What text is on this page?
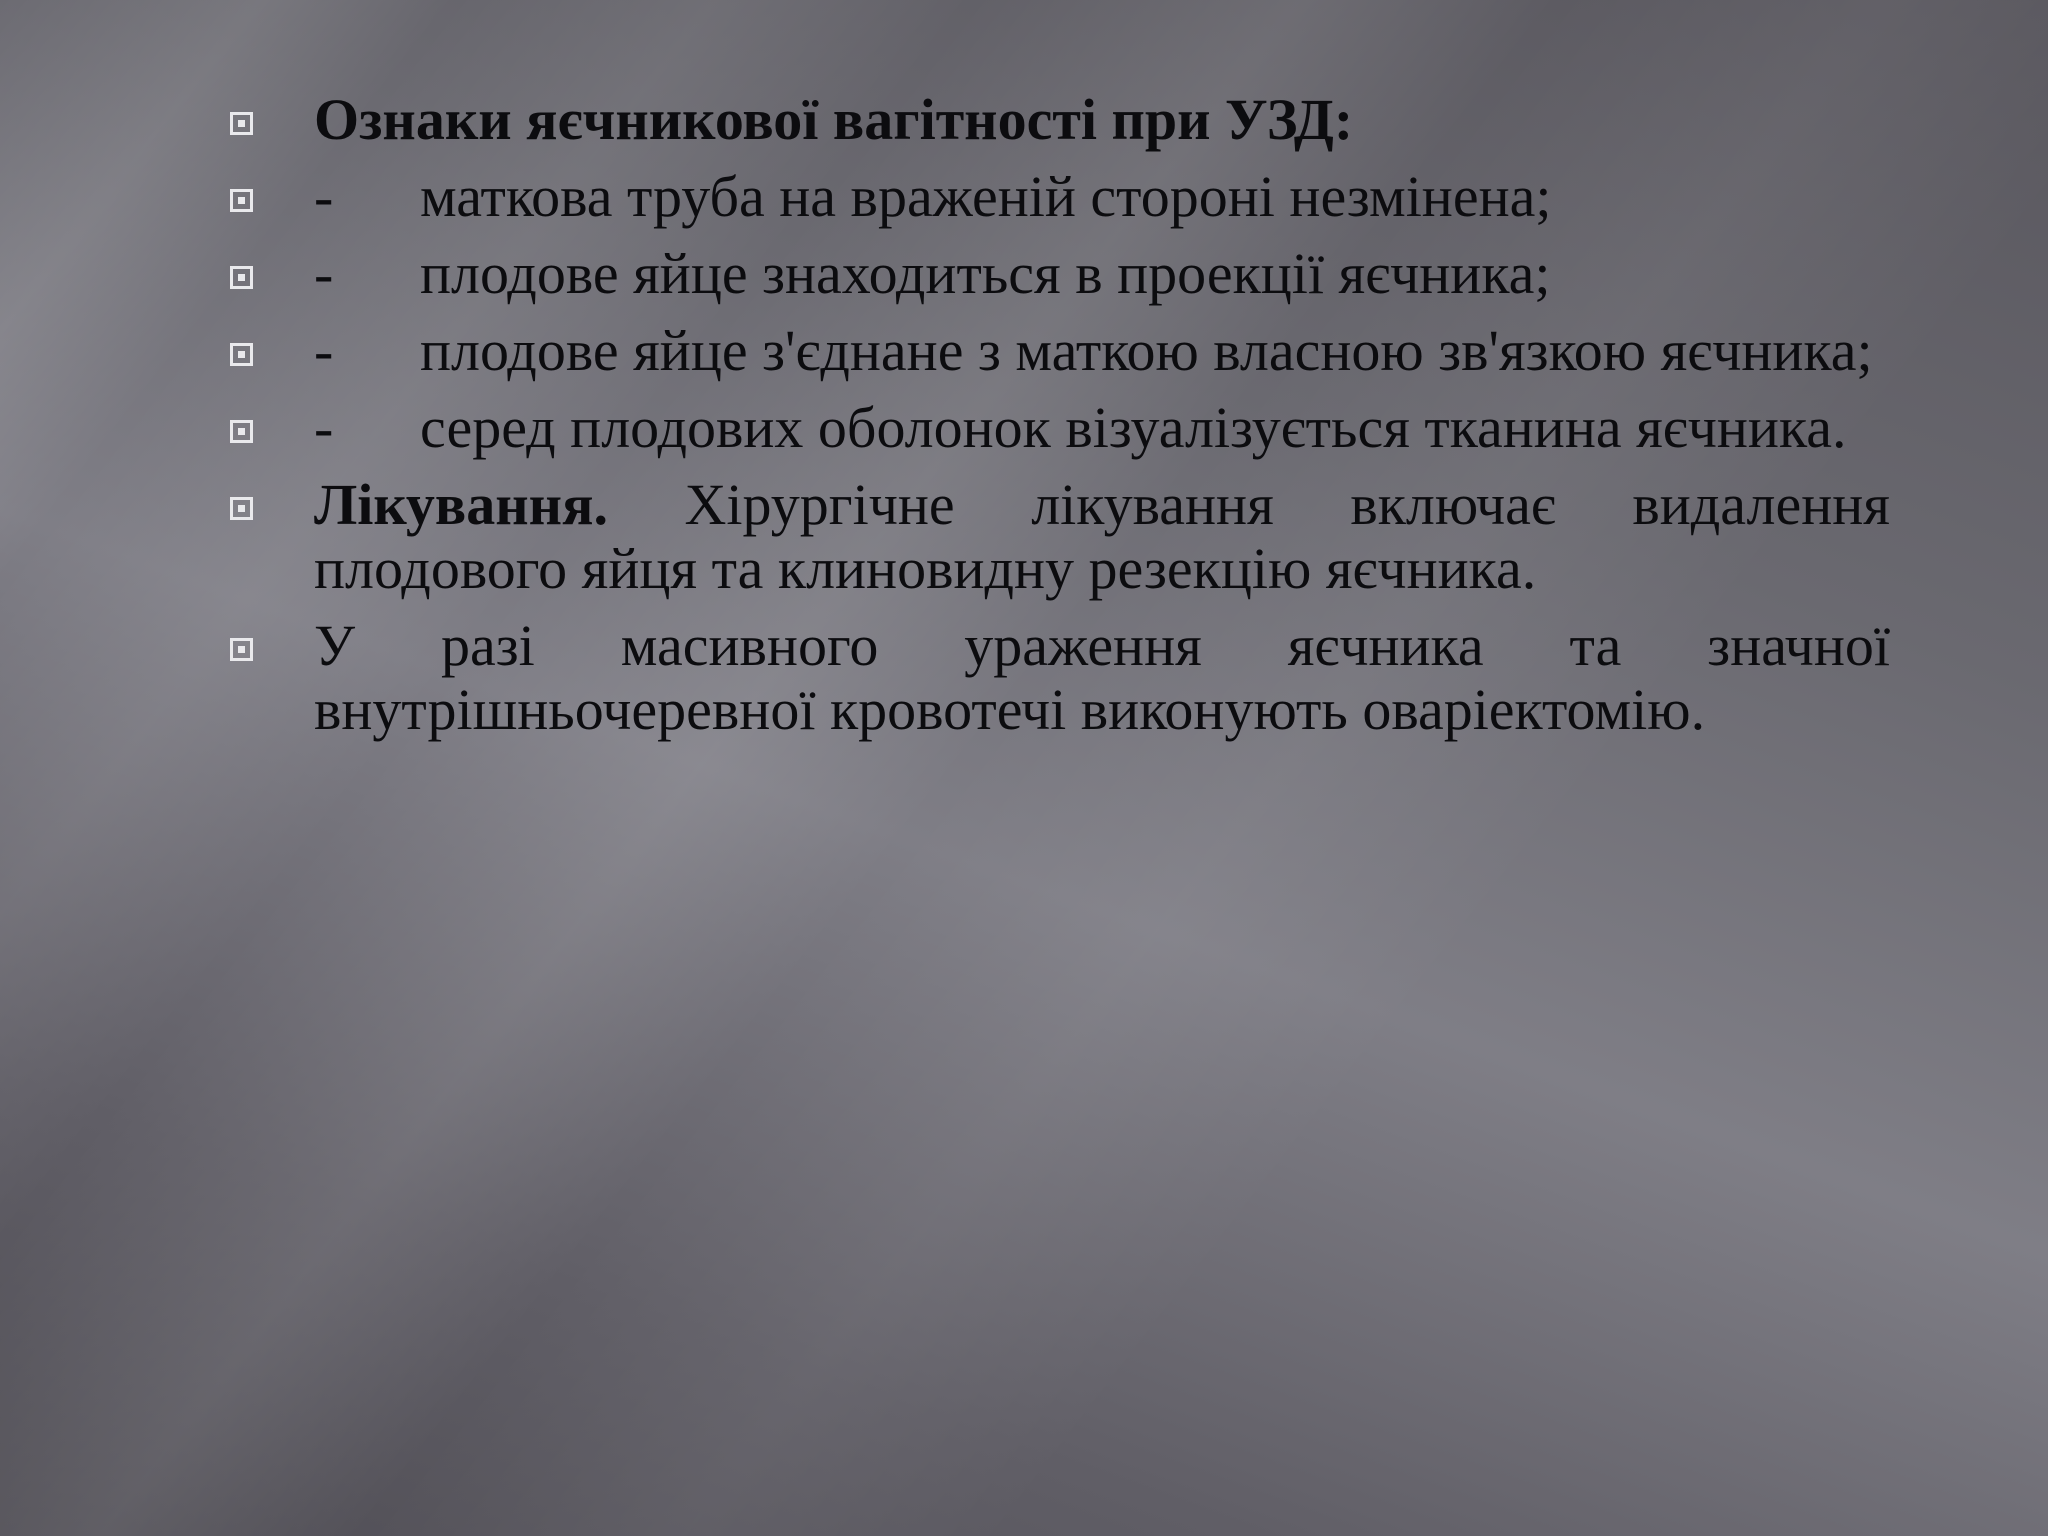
Ознаки яєчникової вагітності при УЗД:
- маткова труба на враженій стороні незмінена;
- плодове яйце знаходиться в проекції яєчника;
- плодове яйце з'єднане з маткою власною зв'язкою яєчника;
- серед плодових оболонок візуалізується тканина яєчника.
Лікування. Хірургічне лікування включає видалення плодового яйця та клиновидну резекцію яєчника.
У разі масивного ураження яєчника та значної внутрішньочеревної кровотечі виконують оваріектомію.
